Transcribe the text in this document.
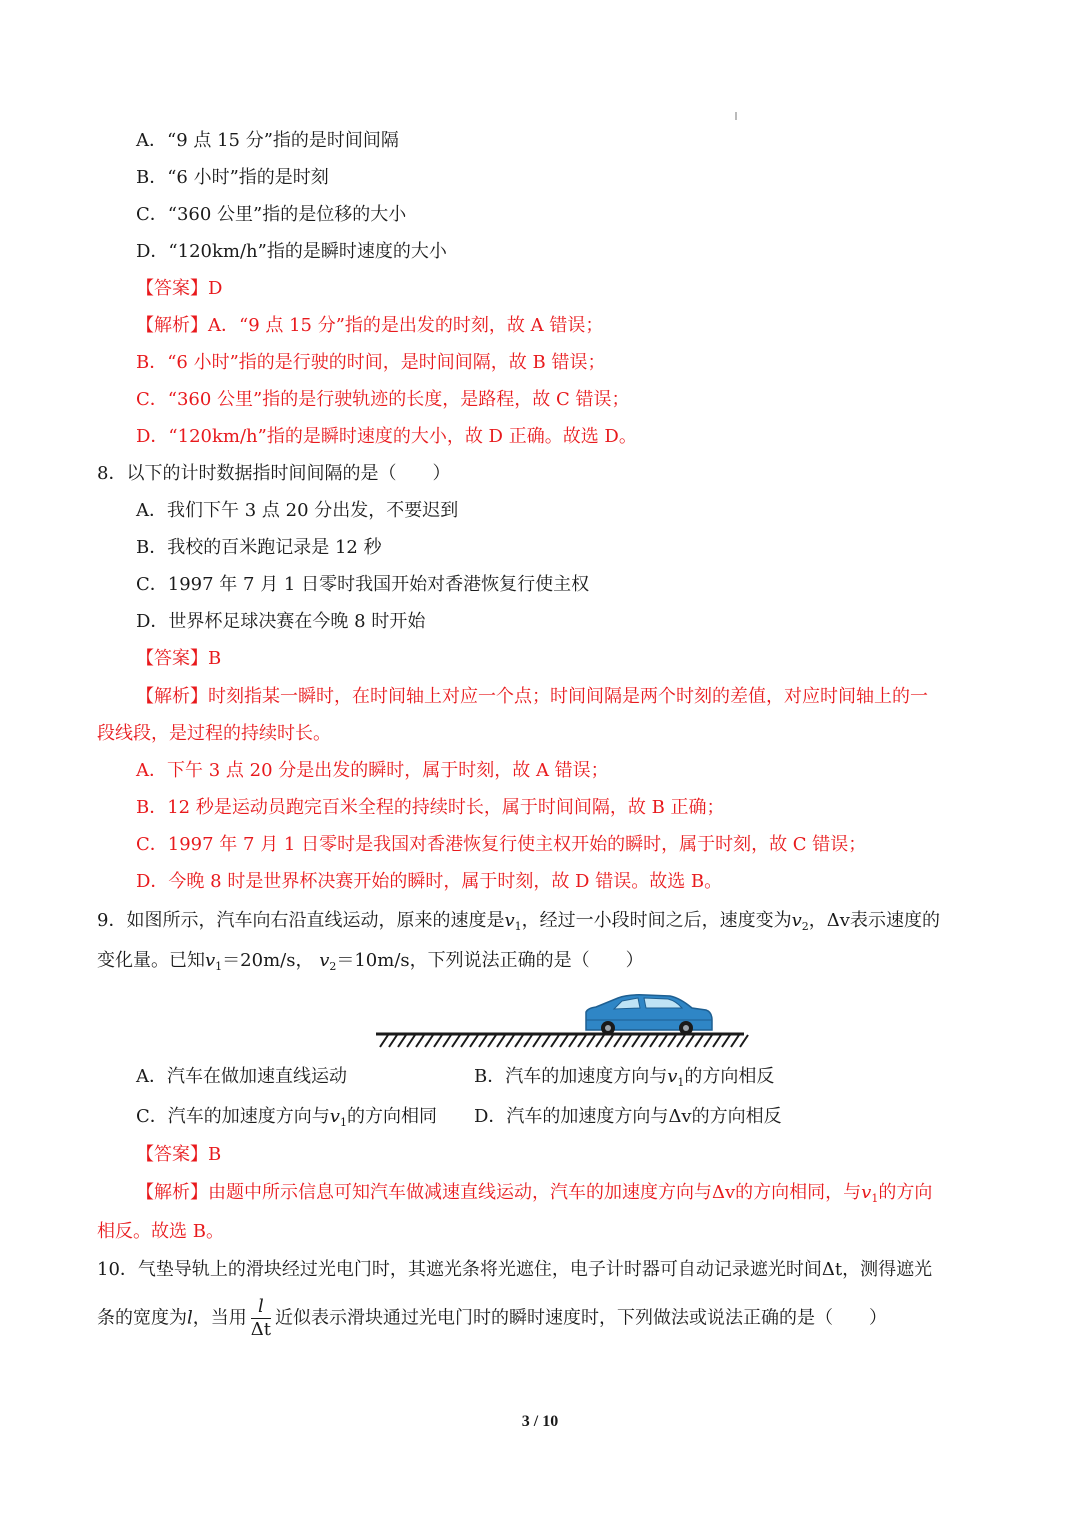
A．“9 点 15 分”指的是时间间隔
B．“6 小时”指的是时刻
C．“360 公里”指的是位移的大小
D．“120km/h”指的是瞬时速度的大小
【答案】D
【解析】A．“9 点 15 分”指的是出发的时刻，故 A 错误；
B．“6 小时”指的是行驶的时间，是时间间隔，故 B 错误；
C．“360 公里”指的是行驶轨迹的长度，是路程，故 C 错误；
D．“120km/h”指的是瞬时速度的大小，故 D 正确。故选 D。
8．以下的计时数据指时间间隔的是（　　）
A．我们下午 3 点 20 分出发，不要迟到
B．我校的百米跑记录是 12 秒
C．1997 年 7 月 1 日零时我国开始对香港恢复行使主权
D．世界杯足球决赛在今晚 8 时开始
【答案】B
【解析】时刻指某一瞬时，在时间轴上对应一个点；时间间隔是两个时刻的差值，对应时间轴上的一
段线段，是过程的持续时长。
A．下午 3 点 20 分是出发的瞬时，属于时刻，故 A 错误；
B．12 秒是运动员跑完百米全程的持续时长，属于时间间隔，故 B 正确；
C．1997 年 7 月 1 日零时是我国对香港恢复行使主权开始的瞬时，属于时刻，故 C 错误；
D．今晚 8 时是世界杯决赛开始的瞬时，属于时刻，故 D 错误。故选 B。
9．如图所示，汽车向右沿直线运动，原来的速度是$v_1$，经过一小段时间之后，速度变为$v_2$，Δv表示速度的
变化量。已知$v_1=20m/s$， $v_2=10m/s$，下列说法正确的是（　　）
A．汽车在做加速直线运动	B．汽车的加速度方向与$v_1$的方向相反
C．汽车的加速度方向与$v_1$的方向相同 D．汽车的加速度方向与Δv的方向相反
【答案】B
【解析】由题中所示信息可知汽车做减速直线运动，汽车的加速度方向与Δv的方向相同，与$v_1$的方向
相反。故选 B。
10．气垫导轨上的滑块经过光电门时，其遮光条将光遮住，电子计时器可自动记录遮光时间Δt，测得遮光
条的宽度为l，当用 $\frac{l}{\Delta t}$ 近似表示滑块通过光电门时的瞬时速度时，下列做法或说法正确的是（　　）
3 / 10
